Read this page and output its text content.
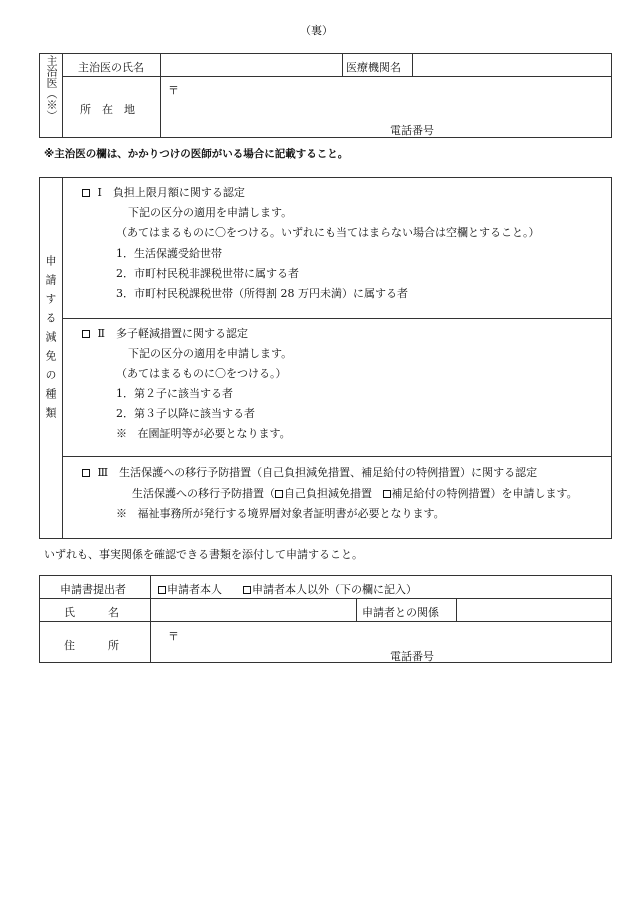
（裏）
主治医（※）	主治医の氏名	医療機関名
所　在　地
〒
電話番号
※主治医の欄は、かかりつけの医師がいる場合に記載すること。
申請する減免の種類
Ⅰ　負担上限月額に関する認定
下記の区分の適用を申請します。
（あてはまるものに〇をつける。いずれにも当てはまらない場合は空欄とすること。）
1．生活保護受給世帯
2．市町村民税非課税世帯に属する者
3．市町村民税課税世帯（所得割 28 万円未満）に属する者
Ⅱ　多子軽減措置に関する認定
下記の区分の適用を申請します。
（あてはまるものに〇をつける。）
1．第２子に該当する者
2．第３子以降に該当する者
※ 在園証明等が必要となります。
Ⅲ　生活保護への移行予防措置（自己負担減免措置、補足給付の特例措置）に関する認定
生活保護への移行予防措置（ 自己負担減免措置 補足給付の特例措置）を申請します。
※ 福祉事務所が発行する境界層対象者証明書が必要となります。
いずれも、事実関係を確認できる書類を添付して申請すること。
申請書提出者	申請者本人	申請者本人以外（下の欄に記入）
氏　　　名	申請者との関係
住　　　所
〒
電話番号
